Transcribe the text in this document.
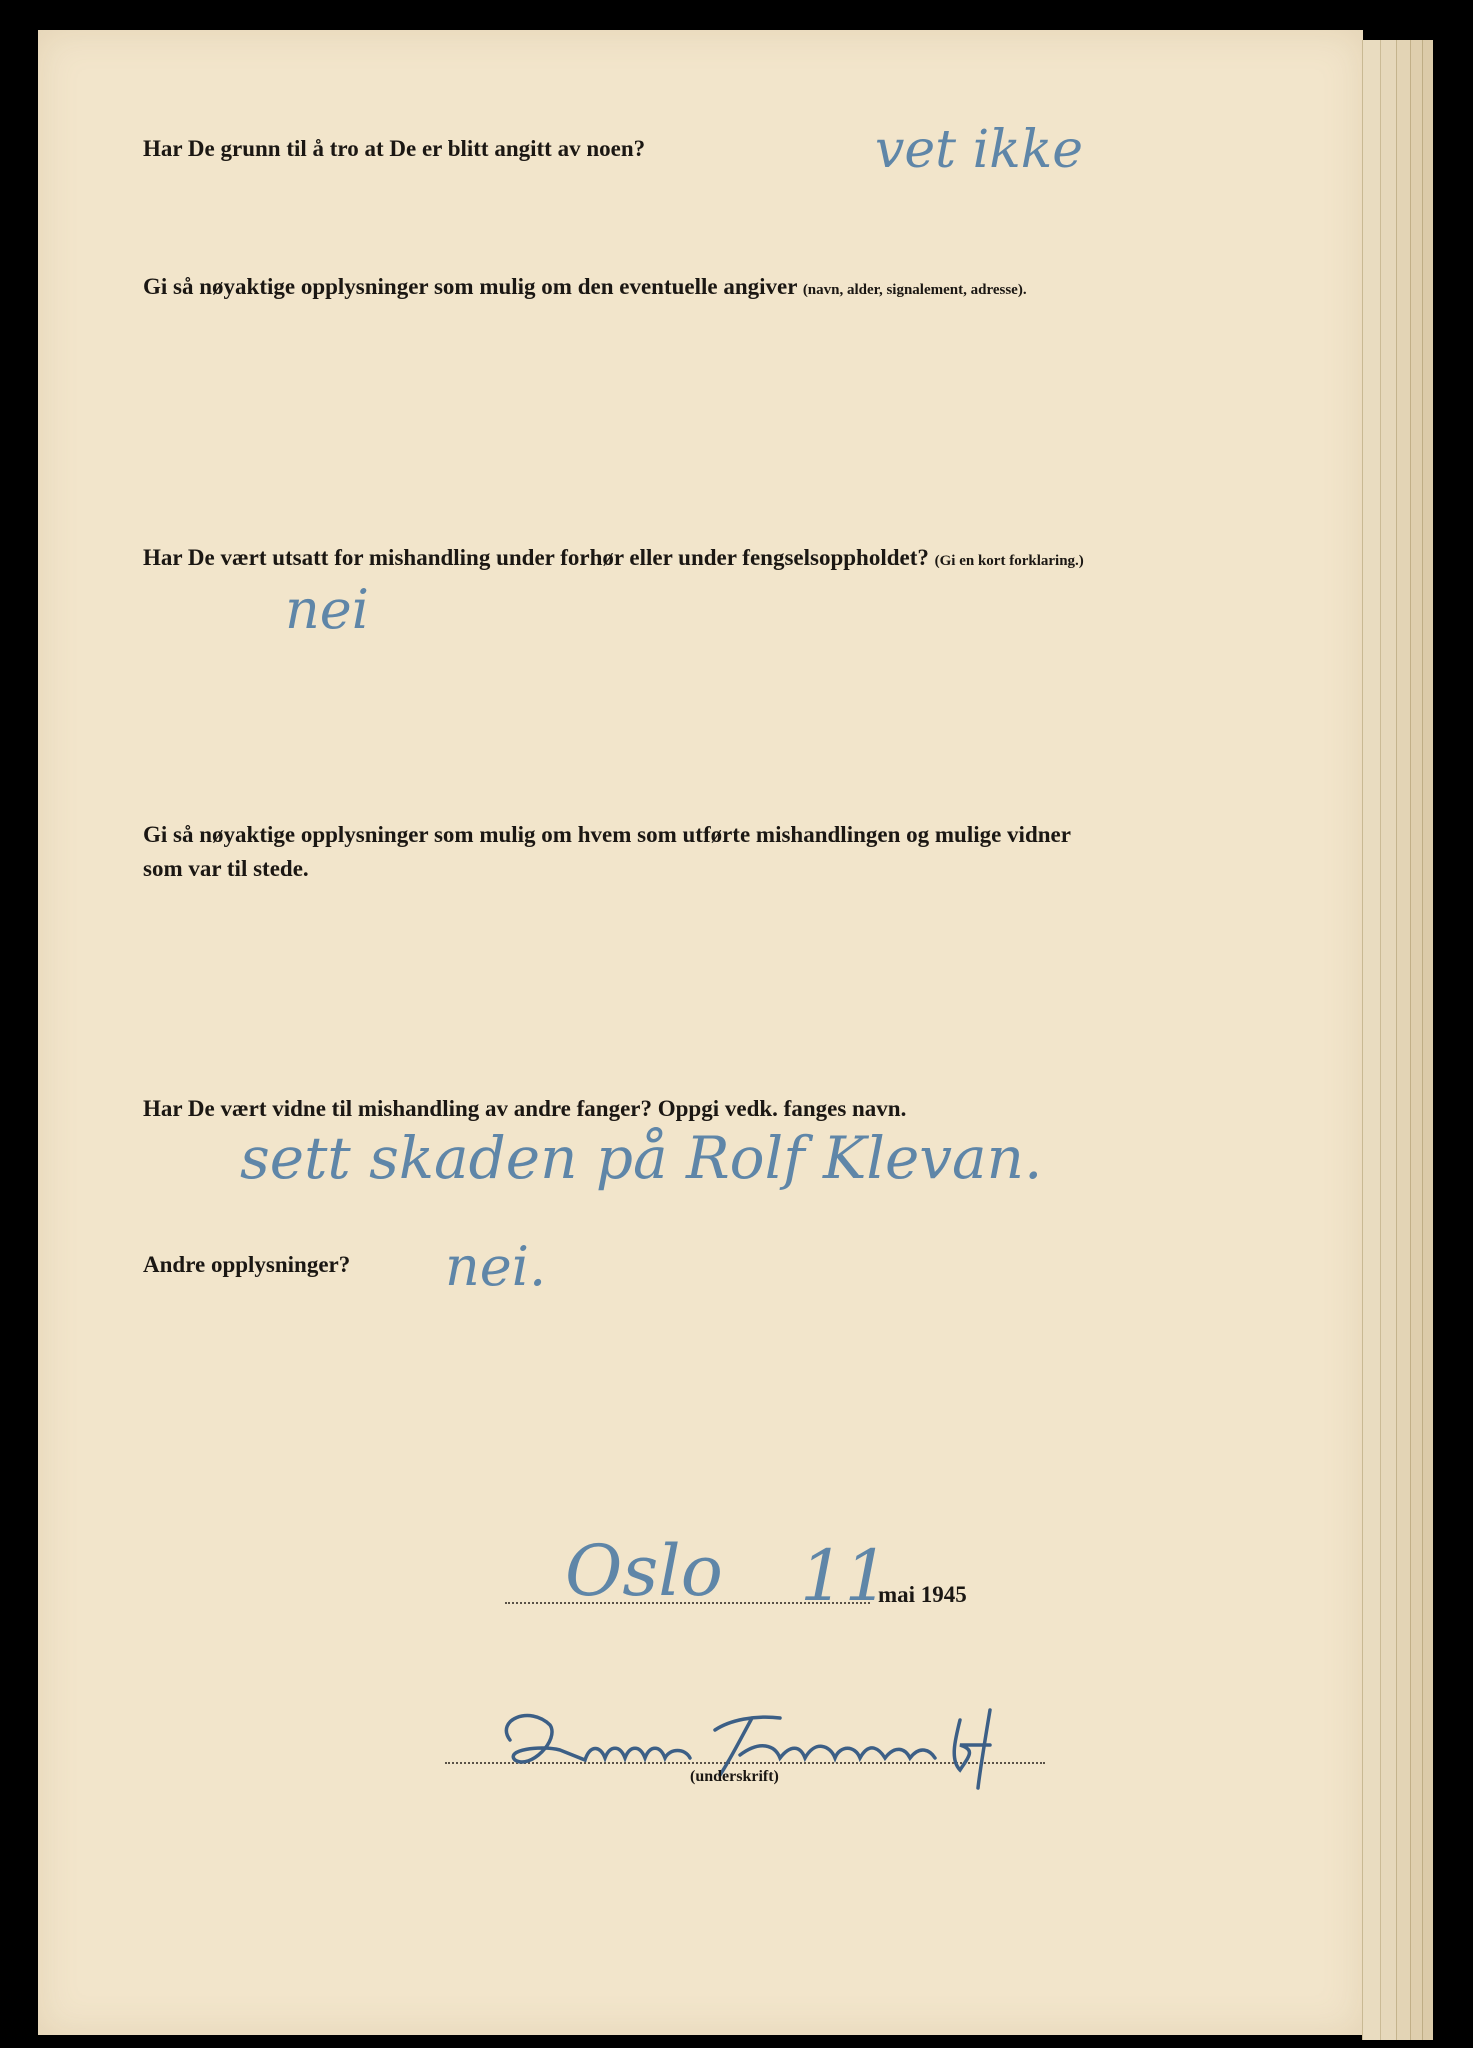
Har De grunn til å tro at De er blitt angitt av noen?	vet ikke
Gi så nøyaktige opplysninger som mulig om den eventuelle angiver (navn, alder, signalement, adresse).
Har De vært utsatt for mishandling under forhør eller under fengselsoppholdet? (Gi en kort forklaring.)
nei
Gi så nøyaktige opplysninger som mulig om hvem som utførte mishandlingen og mulige vidner
som var til stede.
Har De vært vidne til mishandling av andre fanger? Oppgi vedk. fanges navn.
sett skaden på Rolf Klevan.
Andre opplysninger? nei.
Oslo 11
mai 1945
(underskrift)
